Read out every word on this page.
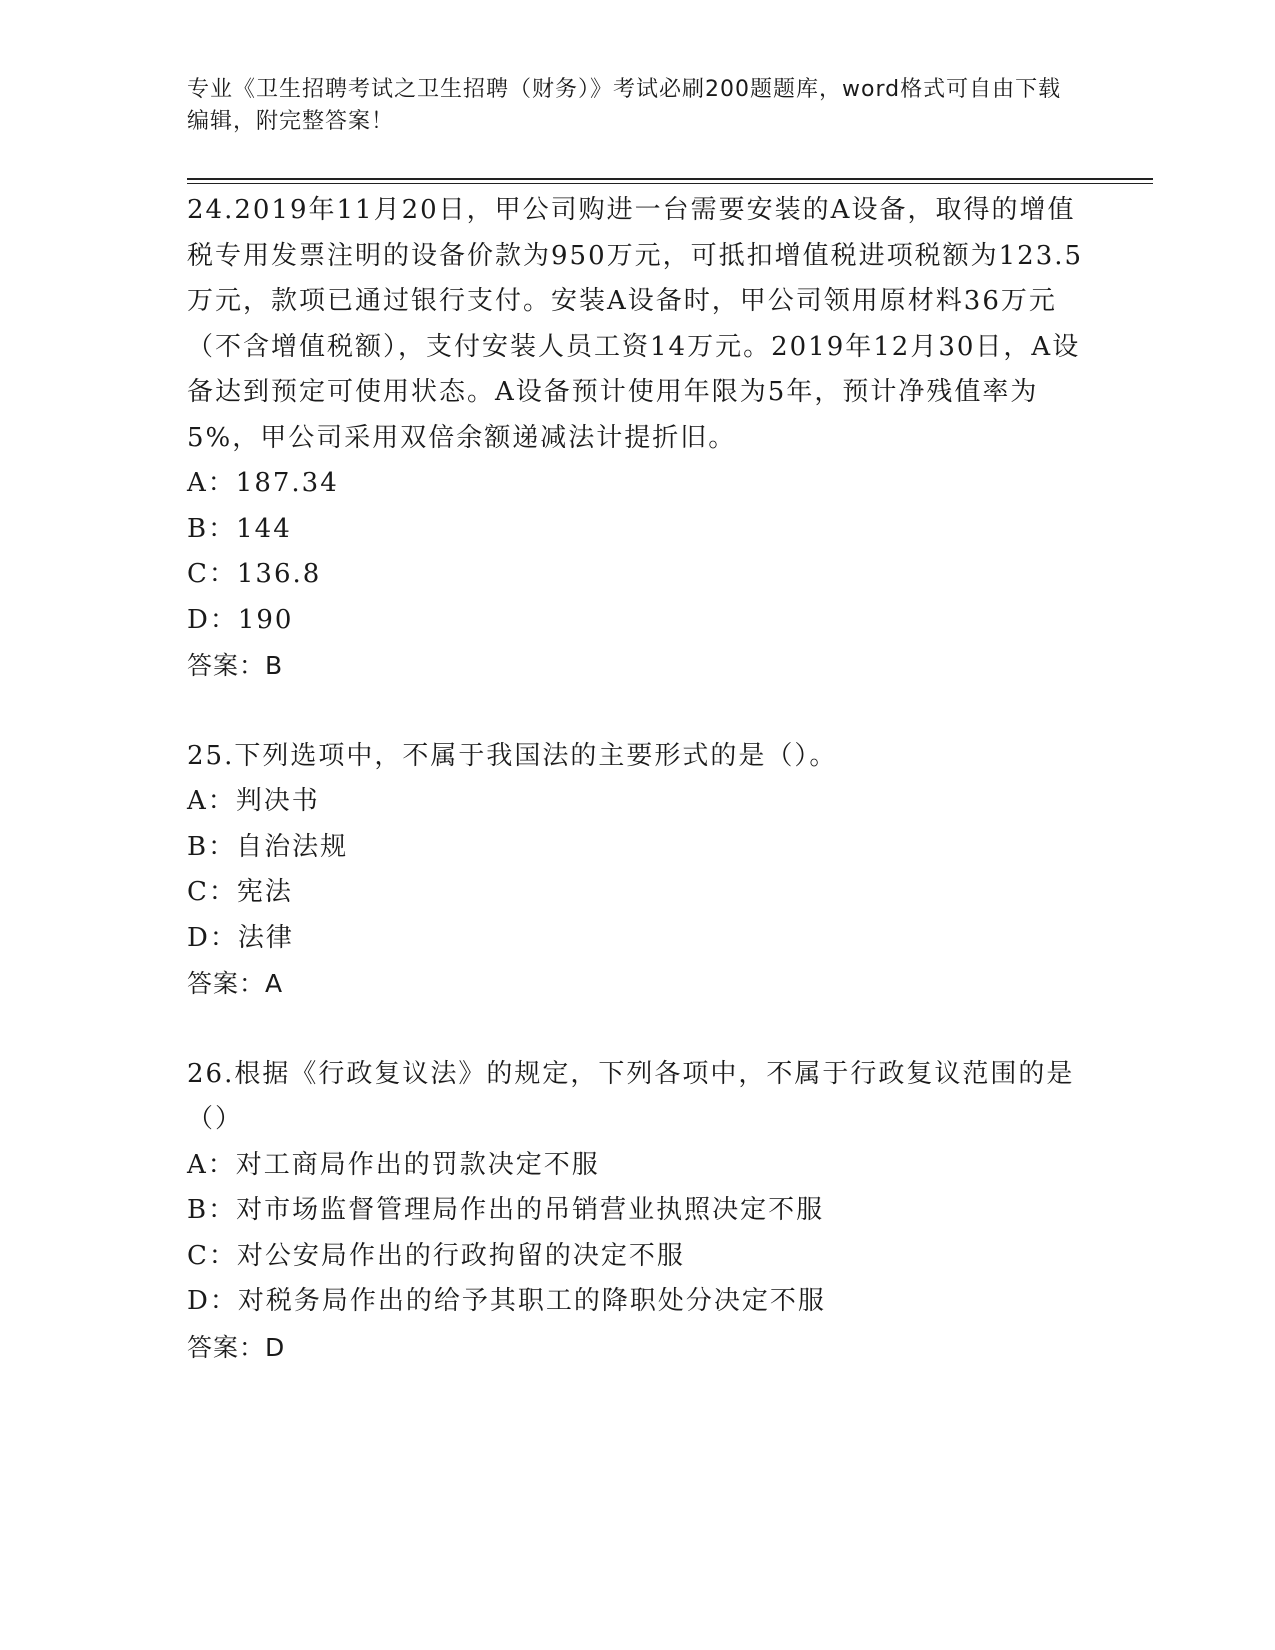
专业《卫生招聘考试之卫生招聘（财务）》考试必刷200题题库，word格式可自由下载编辑，附完整答案！

24.2019年11月20日，甲公司购进一台需要安装的A设备，取得的增值税专用发票注明的设备价款为950万元，可抵扣增值税进项税额为123.5万元，款项已通过银行支付。安装A设备时，甲公司领用原材料36万元（不含增值税额），支付安装人员工资14万元。2019年12月30日，A设备达到预定可使用状态。A设备预计使用年限为5年，预计净残值率为5%，甲公司采用双倍余额递减法计提折旧。

A：187.34

B：144

C：136.8

D：190

答案：B

25.下列选项中，不属于我国法的主要形式的是（）。

A：判决书

B：自治法规

C：宪法

D：法律

答案：A

26.根据《行政复议法》的规定，下列各项中，不属于行政复议范围的是（）

A：对工商局作出的罚款决定不服

B：对市场监督管理局作出的吊销营业执照决定不服

C：对公安局作出的行政拘留的决定不服

D：对税务局作出的给予其职工的降职处分决定不服

答案：D
